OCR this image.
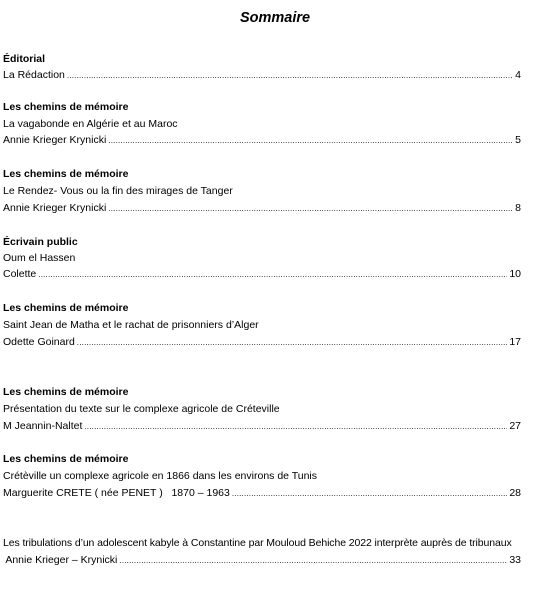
Sommaire
Éditorial
La Rédaction .....	4
Les chemins de mémoire
La vagabonde en Algérie et au Maroc
Annie Krieger Krynicki .....	5
Les chemins de mémoire
Le Rendez- Vous ou la fin des mirages de Tanger
Annie Krieger Krynicki .....	8
Écrivain public
Oum el Hassen
Colette .....	10
Les chemins de mémoire
Saint Jean de Matha et le rachat de prisonniers d’Alger
Odette Goinard .....	17
Les chemins de mémoire
Présentation du texte sur le complexe agricole de Créteville
M Jeannin-Naltet .....	27
Les chemins de mémoire
Crétèville un complexe agricole en 1866 dans les environs de Tunis
Marguerite CRETE ( née PENET )   1870 – 1963 .....	28
Les tribulations d’un adolescent kabyle à Constantine par Mouloud Behiche 2022 interprète auprès de tribunaux
Annie Krieger – Krynicki .....	33
